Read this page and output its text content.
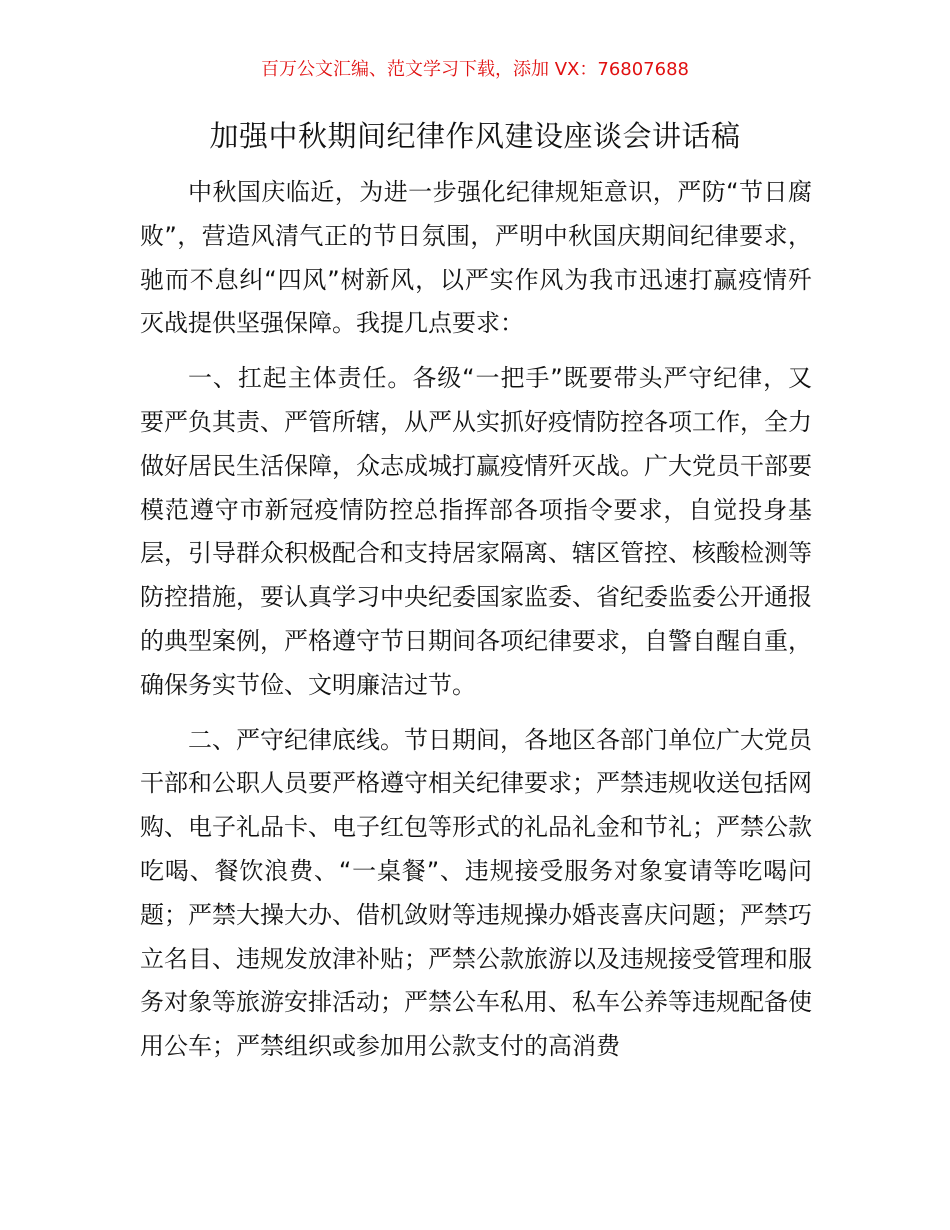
百万公文汇编、范文学习下载，添加 VX：76807688
加强中秋期间纪律作风建设座谈会讲话稿

中秋国庆临近，为进一步强化纪律规矩意识，严防“节日腐败”，营造风清气正的节日氛围，严明中秋国庆期间纪律要求，驰而不息纠“四风”树新风，以严实作风为我市迅速打赢疫情歼灭战提供坚强保障。我提几点要求：

一、扛起主体责任。各级“一把手”既要带头严守纪律，又要严负其责、严管所辖，从严从实抓好疫情防控各项工作，全力做好居民生活保障，众志成城打赢疫情歼灭战。广大党员干部要模范遵守市新冠疫情防控总指挥部各项指令要求，自觉投身基层，引导群众积极配合和支持居家隔离、辖区管控、核酸检测等防控措施，要认真学习中央纪委国家监委、省纪委监委公开通报的典型案例，严格遵守节日期间各项纪律要求，自警自醒自重，确保务实节俭、文明廉洁过节。

二、严守纪律底线。节日期间，各地区各部门单位广大党员干部和公职人员要严格遵守相关纪律要求；严禁违规收送包括网购、电子礼品卡、电子红包等形式的礼品礼金和节礼；严禁公款吃喝、餐饮浪费、“一桌餐”、违规接受服务对象宴请等吃喝问题；严禁大操大办、借机敛财等违规操办婚丧喜庆问题；严禁巧立名目、违规发放津补贴；严禁公款旅游以及违规接受管理和服务对象等旅游安排活动；严禁公车私用、私车公养等违规配备使用公车；严禁组织或参加用公款支付的高消费
